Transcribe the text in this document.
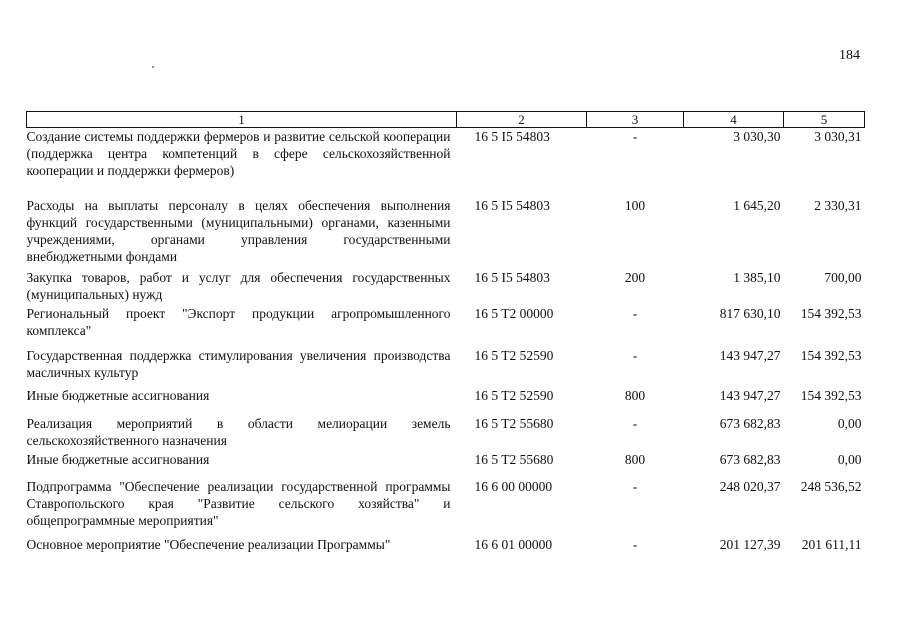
184
1	2	3	4	5
Создание системы поддержки фермеров и развитие сельской кооперации (поддержка центра компетенций в сфере сельскохозяйственной кооперации и поддержки фермеров)	16 5 I5 54803	-	3 030,30	3 030,31
Расходы на выплаты персоналу в целях обеспечения выполнения функций государственными (муниципальными) органами, казенными учреждениями, органами управления государственными внебюджетными фондами	16 5 I5 54803	100	1 645,20	2 330,31
Закупка товаров, работ и услуг для обеспечения государственных (муниципальных) нужд	16 5 I5 54803	200	1 385,10	700,00
Региональный проект "Экспорт продукции агропромышленного комплекса"	16 5 T2 00000	-	817 630,10	154 392,53
Государственная поддержка стимулирования увеличения производства масличных культур	16 5 T2 52590	-	143 947,27	154 392,53
Иные бюджетные ассигнования	16 5 T2 52590	800	143 947,27	154 392,53
Реализация мероприятий в области мелиорации земель сельскохозяйственного назначения	16 5 T2 55680	-	673 682,83	0,00
Иные бюджетные ассигнования	16 5 T2 55680	800	673 682,83	0,00
Подпрограмма "Обеспечение реализации государственной программы Ставропольского края "Развитие сельского хозяйства" и общепрограммные мероприятия"	16 6 00 00000	-	248 020,37	248 536,52
Основное мероприятие "Обеспечение реализации Программы"	16 6 01 00000	-	201 127,39	201 611,11
